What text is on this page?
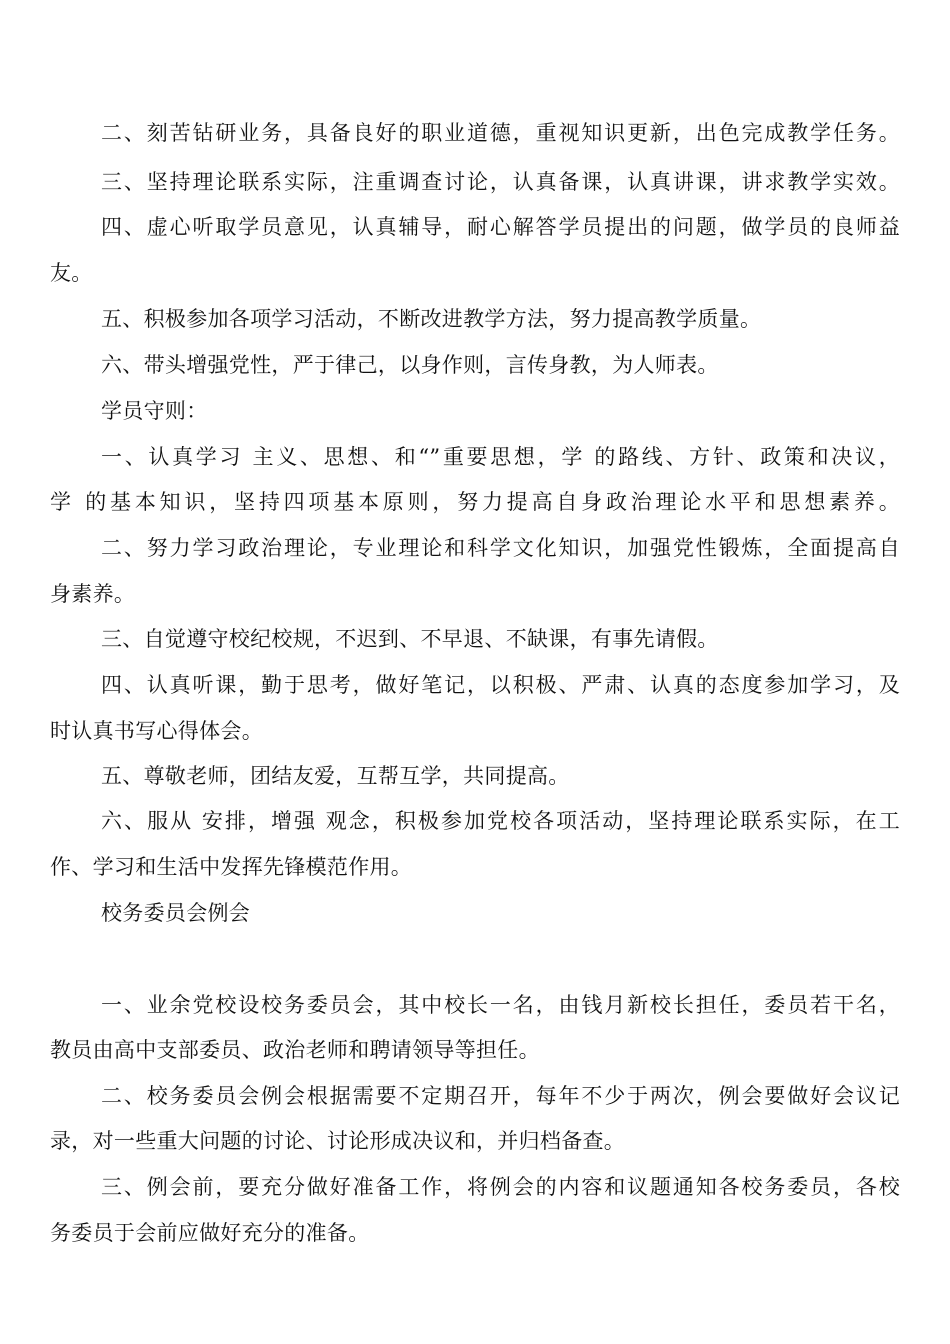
二、刻苦钻研业务，具备良好的职业道德，重视知识更新，出色完成教学任务。
三、坚持理论联系实际，注重调查讨论，认真备课，认真讲课，讲求教学实效。
四、虚心听取学员意见，认真辅导，耐心解答学员提出的问题，做学员的良师益
友。
五、积极参加各项学习活动，不断改进教学方法，努力提高教学质量。
六、带头增强党性，严于律己，以身作则，言传身教，为人师表。
学员守则：
一、认真学习 主义、思想、和“”重要思想，学 的路线、方针、政策和决议，
学 的基本知识，坚持四项基本原则，努力提高自身政治理论水平和思想素养。
二、努力学习政治理论，专业理论和科学文化知识，加强党性锻炼，全面提高自
身素养。
三、自觉遵守校纪校规，不迟到、不早退、不缺课，有事先请假。
四、认真听课，勤于思考，做好笔记，以积极、严肃、认真的态度参加学习，及
时认真书写心得体会。
五、尊敬老师，团结友爱，互帮互学，共同提高。
六、服从 安排，增强 观念，积极参加党校各项活动，坚持理论联系实际，在工
作、学习和生活中发挥先锋模范作用。
校务委员会例会
一、业余党校设校务委员会，其中校长一名，由钱月新校长担任，委员若干名，
教员由高中支部委员、政治老师和聘请领导等担任。
二、校务委员会例会根据需要不定期召开，每年不少于两次，例会要做好会议记
录，对一些重大问题的讨论、讨论形成决议和，并归档备查。
三、例会前，要充分做好准备工作，将例会的内容和议题通知各校务委员，各校
务委员于会前应做好充分的准备。
